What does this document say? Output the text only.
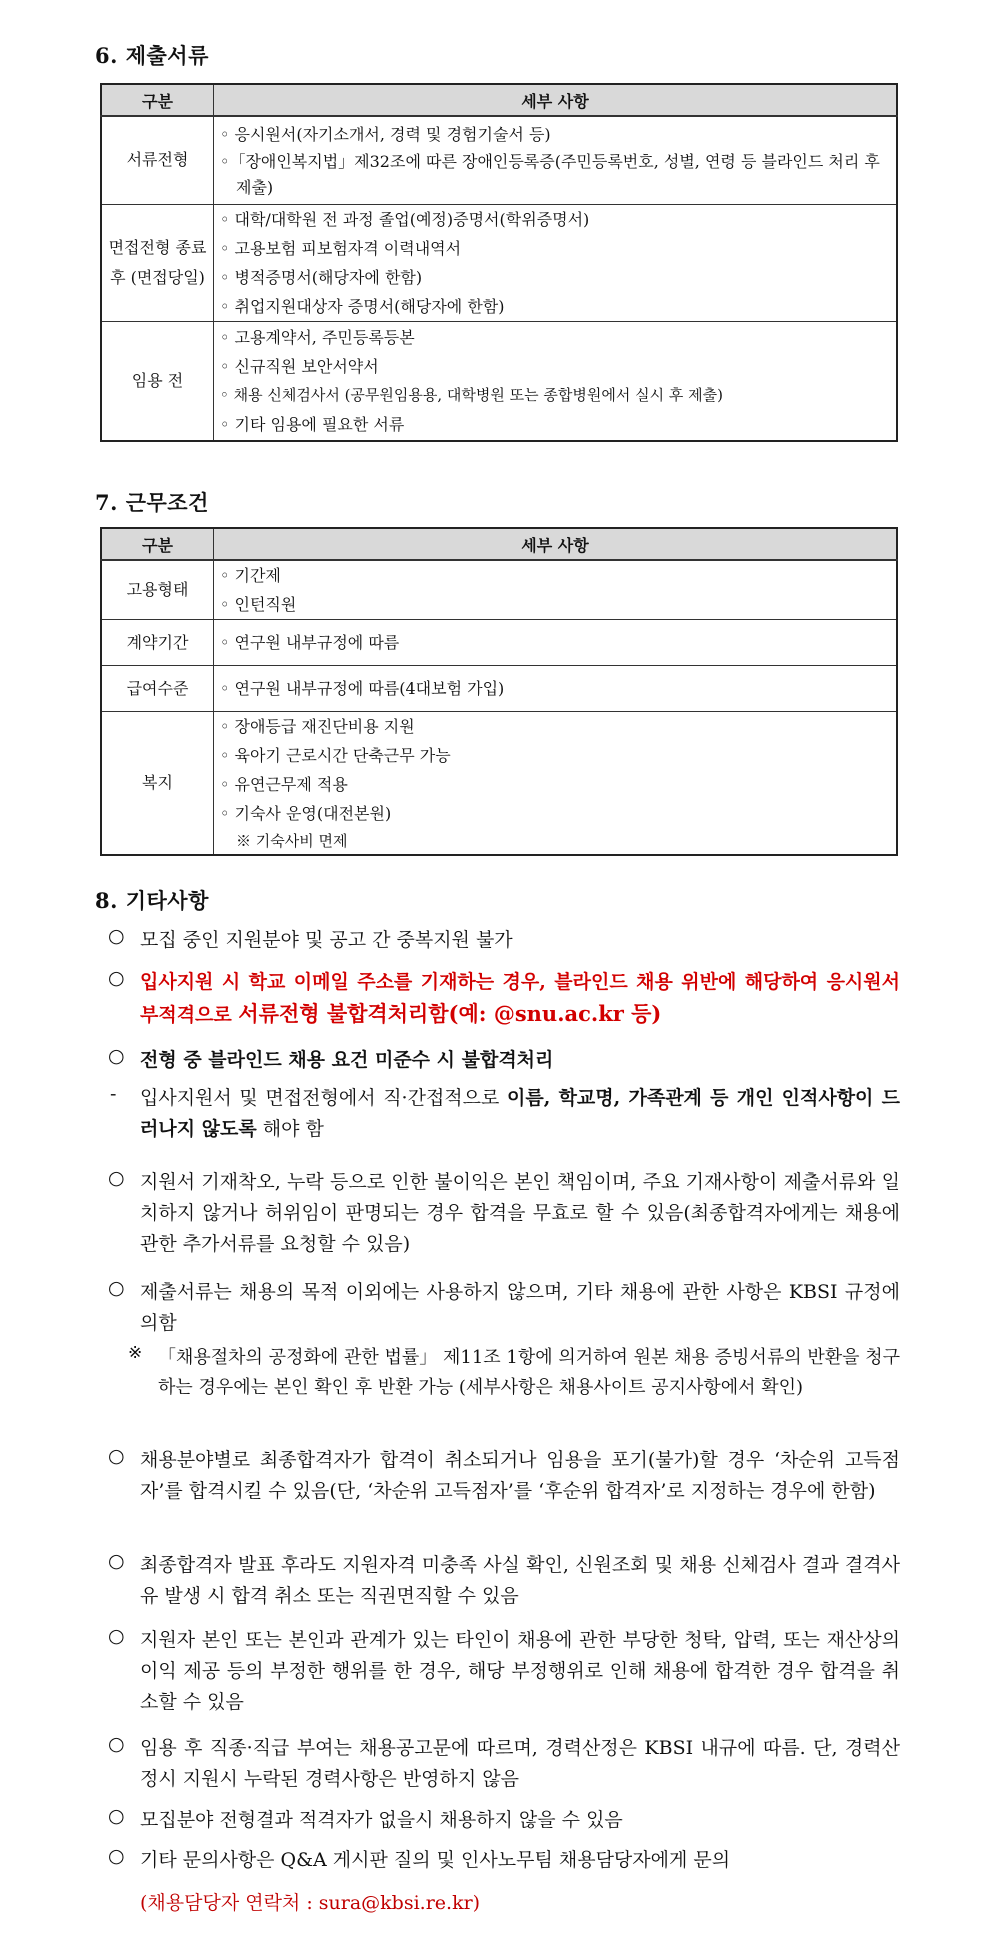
6. 제출서류
구분	세부 사항
서류전형	◦ 응시원서(자기소개서, 경력 및 경험기술서 등)
◦「장애인복지법」제32조에 따른 장애인등록증(주민등록번호, 성별, 연령 등 블라인드 처리 후 제출)

면접전형 종료 후 (면접당일)	◦ 대학/대학원 전 과정 졸업(예정)증명서(학위증명서)
◦ 고용보험 피보험자격 이력내역서
◦ 병적증명서(해당자에 한함)
◦ 취업지원대상자 증명서(해당자에 한함)

임용 전	◦ 고용계약서, 주민등록등본
◦ 신규직원 보안서약서
◦ 채용 신체검사서 (공무원임용용, 대학병원 또는 종합병원에서 실시 후 제출)
◦ 기타 임용에 필요한 서류
7. 근무조건
구분	세부 사항
고용형태	◦ 기간제
◦ 인턴직원

계약기간	◦ 연구원 내부규정에 따름

급여수준	◦ 연구원 내부규정에 따름(4대보험 가입)

복지	◦ 장애등급 재진단비용 지원
◦ 육아기 근로시간 단축근무 가능
◦ 유연근무제 적용
◦ 기숙사 운영(대전본원)
※ 기숙사비 면제
8. 기타사항
○ 모집 중인 지원분야 및 공고 간 중복지원 불가
○ 입사지원 시 학교 이메일 주소를 기재하는 경우, 블라인드 채용 위반에 해당하여 응시원서 부적격으로 서류전형 불합격처리함(예: @snu.ac.kr 등)
○ 전형 중 블라인드 채용 요건 미준수 시 불합격처리
- 입사지원서 및 면접전형에서 직·간접적으로 이름, 학교명, 가족관계 등 개인 인적사항이 드러나지 않도록 해야 함
○ 지원서 기재착오, 누락 등으로 인한 불이익은 본인 책임이며, 주요 기재사항이 제출서류와 일치하지 않거나 허위임이 판명되는 경우 합격을 무효로 할 수 있음(최종합격자에게는 채용에 관한 추가서류를 요청할 수 있음)
○ 제출서류는 채용의 목적 이외에는 사용하지 않으며, 기타 채용에 관한 사항은 KBSI 규정에 의함
※ 「채용절차의 공정화에 관한 법률」 제11조 1항에 의거하여 원본 채용 증빙서류의 반환을 청구하는 경우에는 본인 확인 후 반환 가능 (세부사항은 채용사이트 공지사항에서 확인)
○ 채용분야별로 최종합격자가 합격이 취소되거나 임용을 포기(불가)할 경우 ‘차순위 고득점자’를 합격시킬 수 있음(단, ‘차순위 고득점자’를 ‘후순위 합격자’로 지정하는 경우에 한함)
○ 최종합격자 발표 후라도 지원자격 미충족 사실 확인, 신원조회 및 채용 신체검사 결과 결격사유 발생 시 합격 취소 또는 직권면직할 수 있음
○ 지원자 본인 또는 본인과 관계가 있는 타인이 채용에 관한 부당한 청탁, 압력, 또는 재산상의 이익 제공 등의 부정한 행위를 한 경우, 해당 부정행위로 인해 채용에 합격한 경우 합격을 취소할 수 있음
○ 임용 후 직종·직급 부여는 채용공고문에 따르며, 경력산정은 KBSI 내규에 따름. 단, 경력산정시 지원시 누락된 경력사항은 반영하지 않음
○ 모집분야 전형결과 적격자가 없을시 채용하지 않을 수 있음
○ 기타 문의사항은 Q&A 게시판 질의 및 인사노무팀 채용담당자에게 문의
(채용담당자 연락처 : sura@kbsi.re.kr)
